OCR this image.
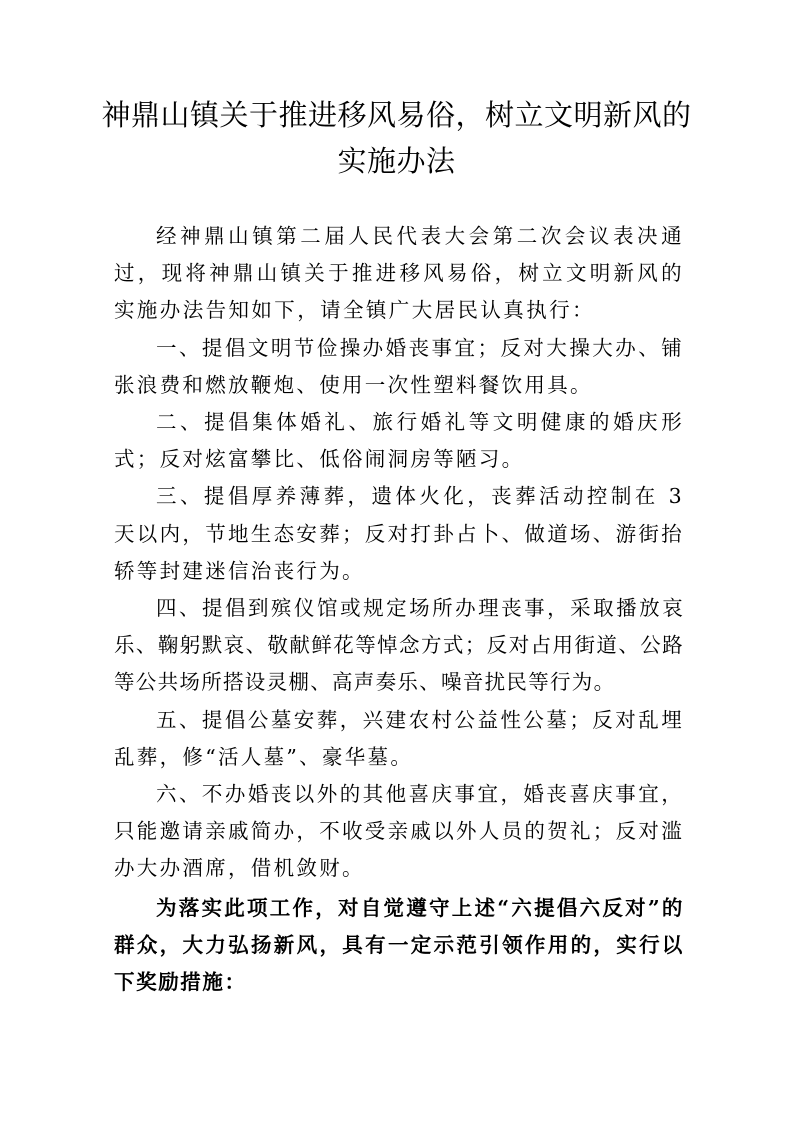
神鼎山镇关于推进移风易俗，树立文明新风的
实施办法

经神鼎山镇第二届人民代表大会第二次会议表决通过，现将神鼎山镇关于推进移风易俗，树立文明新风的实施办法告知如下，请全镇广大居民认真执行：

一、提倡文明节俭操办婚丧事宜；反对大操大办、铺张浪费和燃放鞭炮、使用一次性塑料餐饮用具。

二、提倡集体婚礼、旅行婚礼等文明健康的婚庆形式；反对炫富攀比、低俗闹洞房等陋习。

三、提倡厚养薄葬，遗体火化，丧葬活动控制在 3 天以内，节地生态安葬；反对打卦占卜、做道场、游街抬轿等封建迷信治丧行为。

四、提倡到殡仪馆或规定场所办理丧事，采取播放哀乐、鞠躬默哀、敬献鲜花等悼念方式；反对占用街道、公路等公共场所搭设灵棚、高声奏乐、噪音扰民等行为。

五、提倡公墓安葬，兴建农村公益性公墓；反对乱埋乱葬，修“活人墓”、豪华墓。

六、不办婚丧以外的其他喜庆事宜，婚丧喜庆事宜，只能邀请亲戚简办，不收受亲戚以外人员的贺礼；反对滥办大办酒席，借机敛财。

为落实此项工作，对自觉遵守上述“六提倡六反对”的群众，大力弘扬新风，具有一定示范引领作用的，实行以下奖励措施：
